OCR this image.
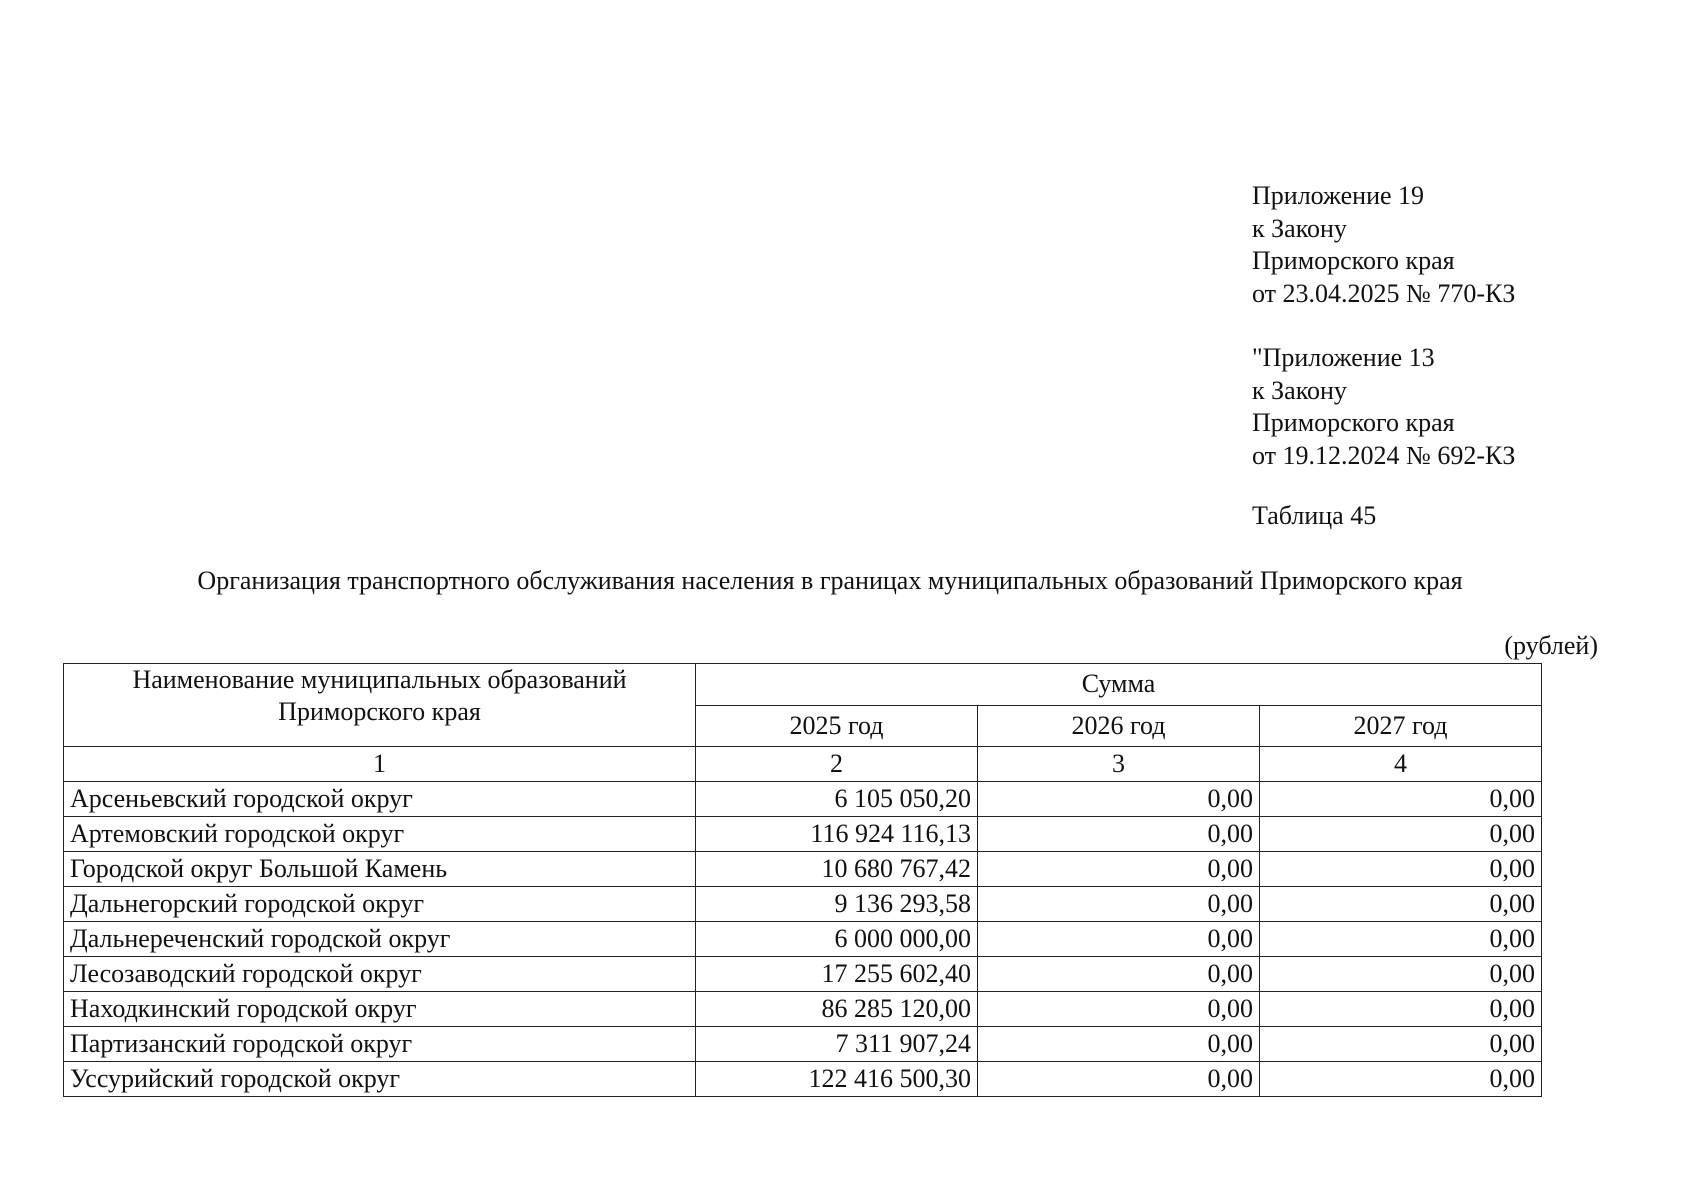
Приложение 19
к Закону
Приморского края
от 23.04.2025 № 770-КЗ
"Приложение 13
к Закону
Приморского края
от 19.12.2024 № 692-КЗ
Таблица 45
Организация транспортного обслуживания населения в границах муниципальных образований Приморского края
(рублей)
Наименование муниципальных образований Приморского края	Сумма		
	2025 год	2026 год	2027 год
1	2	3	4
Арсеньевский городской округ	6 105 050,20	0,00	0,00
Артемовский городской округ	116 924 116,13	0,00	0,00
Городской округ Большой Камень	10 680 767,42	0,00	0,00
Дальнегорский городской округ	9 136 293,58	0,00	0,00
Дальнереченский городской округ	6 000 000,00	0,00	0,00
Лесозаводский городской округ	17 255 602,40	0,00	0,00
Находкинский городской округ	86 285 120,00	0,00	0,00
Партизанский городской округ	7 311 907,24	0,00	0,00
Уссурийский городской округ	122 416 500,30	0,00	0,00
